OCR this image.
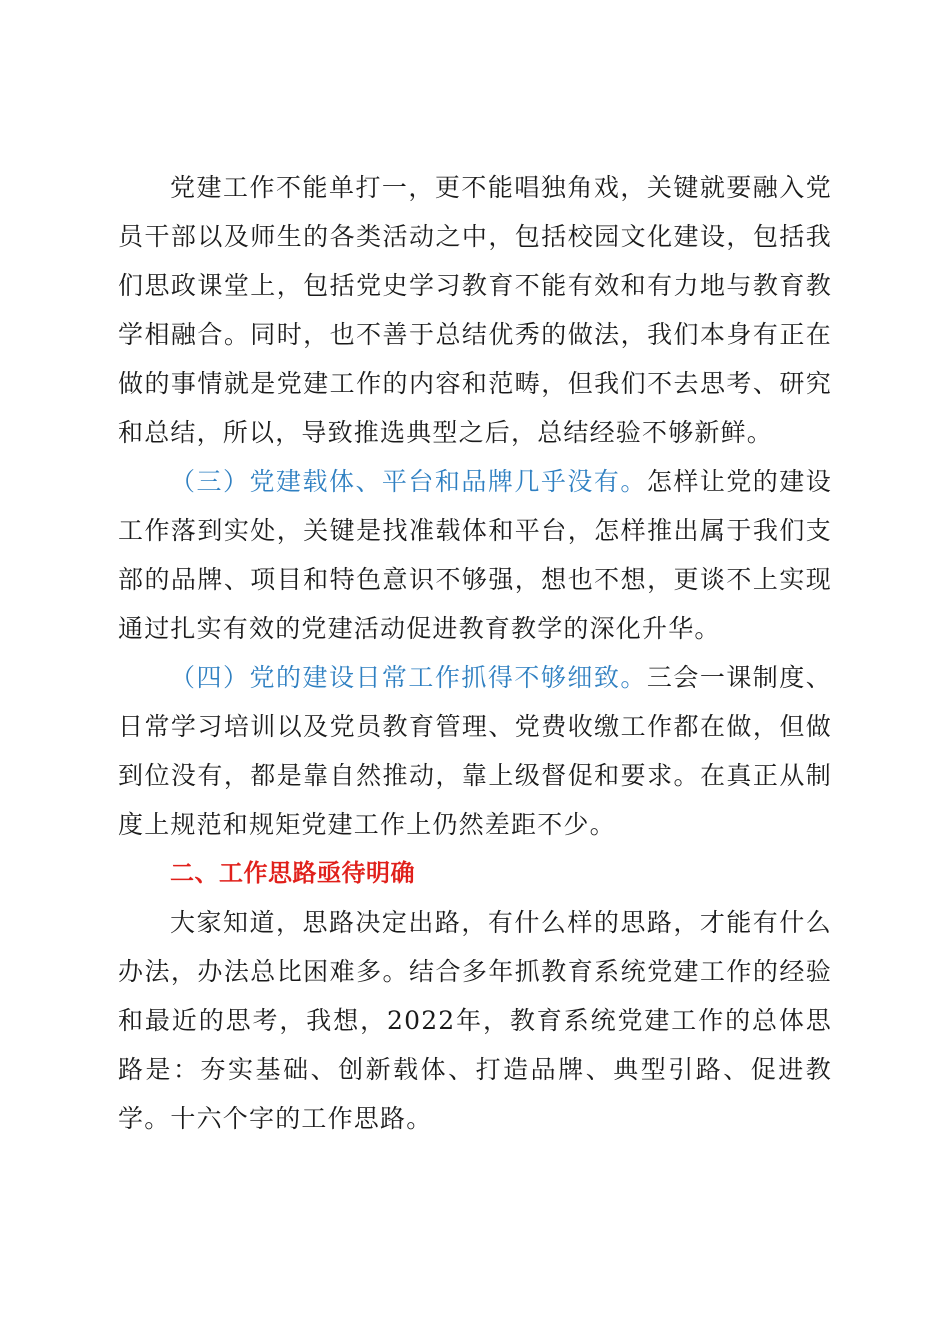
党建工作不能单打一，更不能唱独角戏，关键就要融入党员干部以及师生的各类活动之中，包括校园文化建设，包括我们思政课堂上，包括党史学习教育不能有效和有力地与教育教学相融合。同时，也不善于总结优秀的做法，我们本身有正在做的事情就是党建工作的内容和范畴，但我们不去思考、研究和总结，所以，导致推选典型之后，总结经验不够新鲜。

（三）党建载体、平台和品牌几乎没有。怎样让党的建设工作落到实处，关键是找准载体和平台，怎样推出属于我们支部的品牌、项目和特色意识不够强，想也不想，更谈不上实现通过扎实有效的党建活动促进教育教学的深化升华。

（四）党的建设日常工作抓得不够细致。三会一课制度、日常学习培训以及党员教育管理、党费收缴工作都在做，但做到位没有，都是靠自然推动，靠上级督促和要求。在真正从制度上规范和规矩党建工作上仍然差距不少。

二、工作思路亟待明确

大家知道，思路决定出路，有什么样的思路，才能有什么办法，办法总比困难多。结合多年抓教育系统党建工作的经验和最近的思考，我想，2022年，教育系统党建工作的总体思路是：夯实基础、创新载体、打造品牌、典型引路、促进教学。十六个字的工作思路。
